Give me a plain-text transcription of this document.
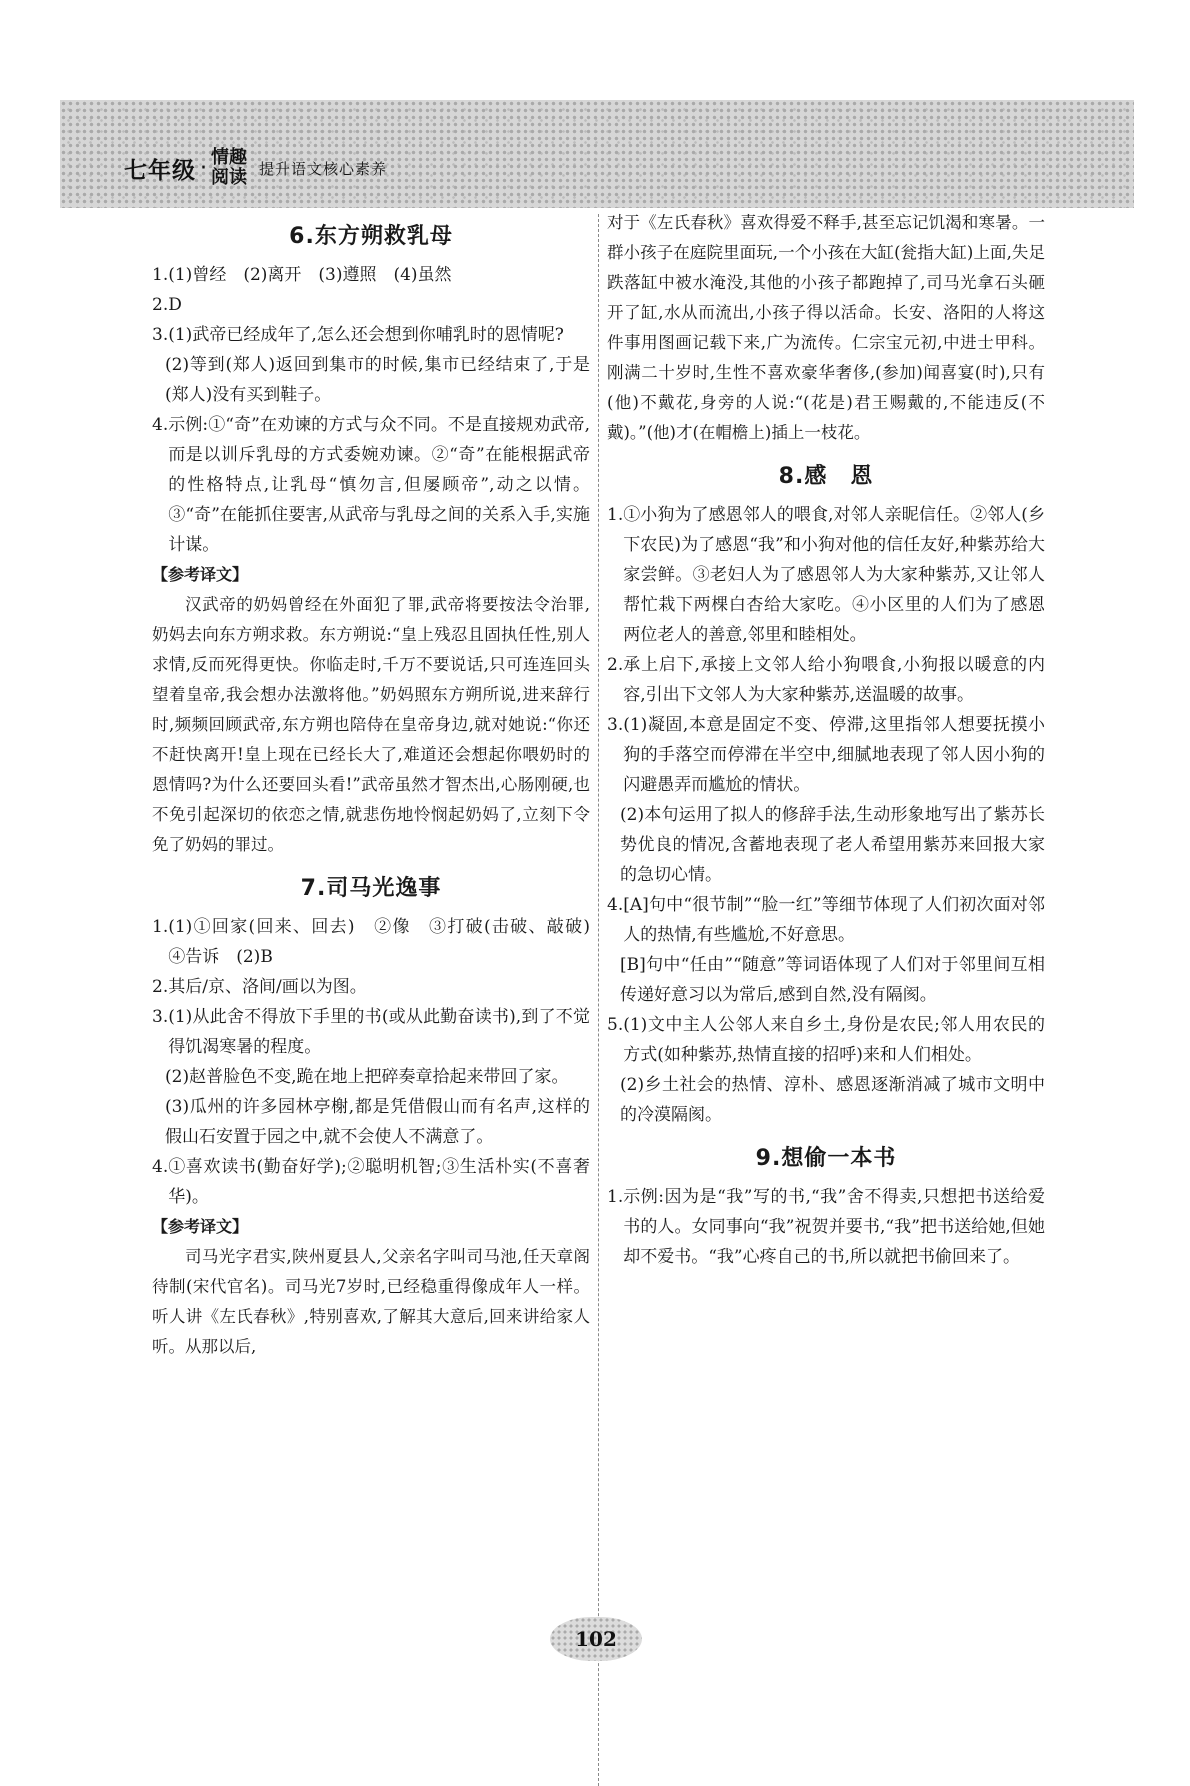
七年级 · 情趣
阅读 提升语文核心素养
6.东方朔救乳母
1. (1)曾经　(2)离开　(3)遵照　(4)虽然
2. D
3. (1)武帝已经成年了,怎么还会想到你哺乳时的恩情呢?
(2)等到(郑人)返回到集市的时候,集市已经结束了,于是(郑人)没有买到鞋子。
4. 示例:①“奇”在劝谏的方式与众不同。不是直接规劝武帝,而是以训斥乳母的方式委婉劝谏。②“奇”在能根据武帝的性格特点,让乳母“慎勿言,但屡顾帝”,动之以情。③“奇”在能抓住要害,从武帝与乳母之间的关系入手,实施计谋。
【参考译文】
汉武帝的奶妈曾经在外面犯了罪,武帝将要按法令治罪,奶妈去向东方朔求救。东方朔说:“皇上残忍且固执任性,别人求情,反而死得更快。你临走时,千万不要说话,只可连连回头望着皇帝,我会想办法激将他。”奶妈照东方朔所说,进来辞行时,频频回顾武帝,东方朔也陪侍在皇帝身边,就对她说:“你还不赶快离开!皇上现在已经长大了,难道还会想起你喂奶时的恩情吗?为什么还要回头看!”武帝虽然才智杰出,心肠刚硬,也不免引起深切的依恋之情,就悲伤地怜悯起奶妈了,立刻下令免了奶妈的罪过。
7.司马光逸事
1. (1)①回家(回来、回去)　②像　③打破(击破、敲破)　④告诉　(2)B
2. 其后/京、洛间/画以为图。
3. (1)从此舍不得放下手里的书(或从此勤奋读书),到了不觉得饥渴寒暑的程度。
(2)赵普脸色不变,跪在地上把碎奏章拾起来带回了家。
(3)瓜州的许多园林亭榭,都是凭借假山而有名声,这样的假山石安置于园之中,就不会使人不满意了。
4. ①喜欢读书(勤奋好学);②聪明机智;③生活朴实(不喜奢华)。
【参考译文】
司马光字君实,陕州夏县人,父亲名字叫司马池,任天章阁待制(宋代官名)。司马光7岁时,已经稳重得像成年人一样。听人讲《左氏春秋》,特别喜欢,了解其大意后,回来讲给家人听。从那以后,
对于《左氏春秋》喜欢得爱不释手,甚至忘记饥渴和寒暑。一群小孩子在庭院里面玩,一个小孩在大缸(瓮指大缸)上面,失足跌落缸中被水淹没,其他的小孩子都跑掉了,司马光拿石头砸开了缸,水从而流出,小孩子得以活命。长安、洛阳的人将这件事用图画记载下来,广为流传。仁宗宝元初,中进士甲科。刚满二十岁时,生性不喜欢豪华奢侈,(参加)闻喜宴(时),只有(他)不戴花,身旁的人说:“(花是)君王赐戴的,不能违反(不戴)。”(他)才(在帽檐上)插上一枝花。
8.感　恩
1. ①小狗为了感恩邻人的喂食,对邻人亲昵信任。②邻人(乡下农民)为了感恩“我”和小狗对他的信任友好,种紫苏给大家尝鲜。③老妇人为了感恩邻人为大家种紫苏,又让邻人帮忙栽下两棵白杏给大家吃。④小区里的人们为了感恩两位老人的善意,邻里和睦相处。
2. 承上启下,承接上文邻人给小狗喂食,小狗报以暖意的内容,引出下文邻人为大家种紫苏,送温暖的故事。
3. (1)凝固,本意是固定不变、停滞,这里指邻人想要抚摸小狗的手落空而停滞在半空中,细腻地表现了邻人因小狗的闪避愚弄而尴尬的情状。
(2)本句运用了拟人的修辞手法,生动形象地写出了紫苏长势优良的情况,含蓄地表现了老人希望用紫苏来回报大家的急切心情。
4. [A]句中“很节制”“脸一红”等细节体现了人们初次面对邻人的热情,有些尴尬,不好意思。
[B]句中“任由”“随意”等词语体现了人们对于邻里间互相传递好意习以为常后,感到自然,没有隔阂。
5. (1)文中主人公邻人来自乡土,身份是农民;邻人用农民的方式(如种紫苏,热情直接的招呼)来和人们相处。
(2)乡土社会的热情、淳朴、感恩逐渐消减了城市文明中的冷漠隔阂。
9.想偷一本书
1. 示例:因为是“我”写的书,“我”舍不得卖,只想把书送给爱书的人。女同事向“我”祝贺并要书,“我”把书送给她,但她却不爱书。“我”心疼自己的书,所以就把书偷回来了。
102
